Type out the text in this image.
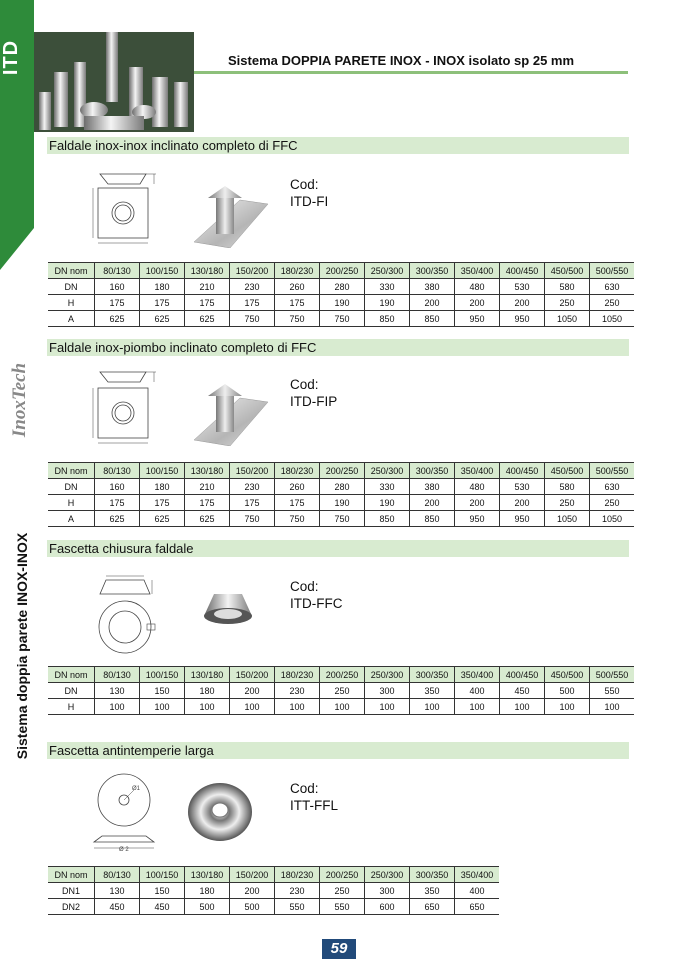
ITD
InoxTech
Sistema doppia parete INOX-INOX
Sistema DOPPIA PARETE INOX - INOX isolato sp 25 mm
Faldale inox-inox inclinato completo di FFC
Cod:
ITD-FI
DN nom	80/130	100/150	130/180	150/200	180/230	200/250	250/300	300/350	350/400	400/450	450/500	500/550
DN	160	180	210	230	260	280	330	380	480	530	580	630
H	175	175	175	175	175	190	190	200	200	200	250	250
A	625	625	625	750	750	750	850	850	950	950	1050	1050
Faldale inox-piombo inclinato completo di FFC
Cod:
ITD-FIP
DN nom	80/130	100/150	130/180	150/200	180/230	200/250	250/300	300/350	350/400	400/450	450/500	500/550
DN	160	180	210	230	260	280	330	380	480	530	580	630
H	175	175	175	175	175	190	190	200	200	200	250	250
A	625	625	625	750	750	750	850	850	950	950	1050	1050
Fascetta chiusura faldale
Cod:
ITD-FFC
DN nom	80/130	100/150	130/180	150/200	180/230	200/250	250/300	300/350	350/400	400/450	450/500	500/550
DN	130	150	180	200	230	250	300	350	400	450	500	550
H	100	100	100	100	100	100	100	100	100	100	100	100
Fascetta antintemperie larga
Ø1
Ø 2
Cod:
ITT-FFL
DN nom	80/130	100/150	130/180	150/200	180/230	200/250	250/300	300/350	350/400
DN1	130	150	180	200	230	250	300	350	400
DN2	450	450	500	500	550	550	600	650	650
59
